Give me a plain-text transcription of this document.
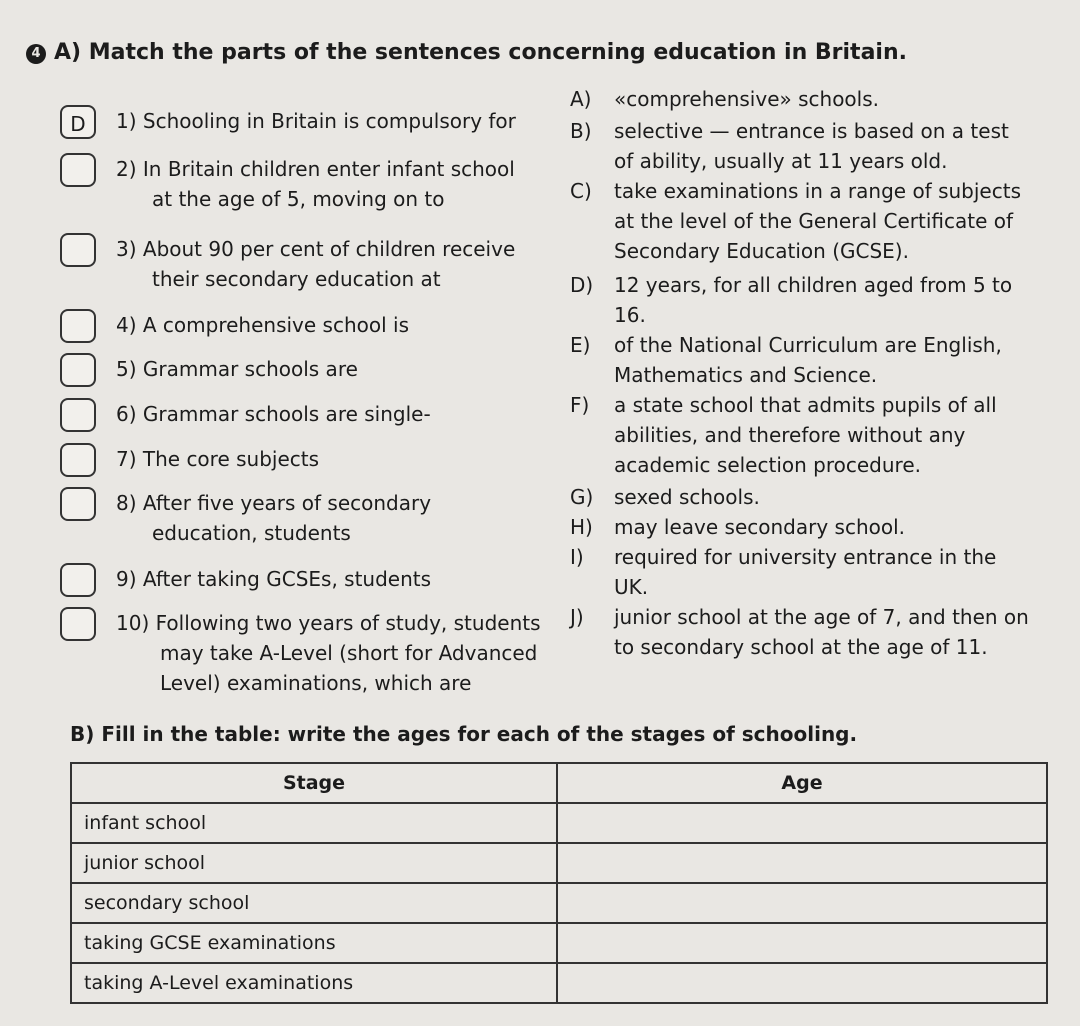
4 A) Match the parts of the sentences concerning education in Britain.
D	1) Schooling in Britain is compulsory for
2) In Britain children enter infant school
at the age of 5, moving on to
3) About 90 per cent of children receive
their secondary education at
4) A comprehensive school is
5) Grammar schools are
6) Grammar schools are single-
7) The core subjects
8) After five years of secondary
education, students
9) After taking GCSEs, students
10) Following two years of study, students
may take A-Level (short for Advanced
Level) examinations, which are
A) «comprehensive» schools.
B) selective — entrance is based on a test
of ability, usually at 11 years old.
C) take examinations in a range of subjects
at the level of the General Certificate of
Secondary Education (GCSE).
D) 12 years, for all children aged from 5 to
16.
E) of the National Curriculum are English,
Mathematics and Science.
F) a state school that admits pupils of all
abilities, and therefore without any
academic selection procedure.
G) sexed schools.
H) may leave secondary school.
I) required for university entrance in the
UK.
J) junior school at the age of 7, and then on
to secondary school at the age of 11.
B) Fill in the table: write the ages for each of the stages of schooling.
Stage	Age
infant school	
junior school	
secondary school	
taking GCSE examinations	
taking A-Level examinations	
